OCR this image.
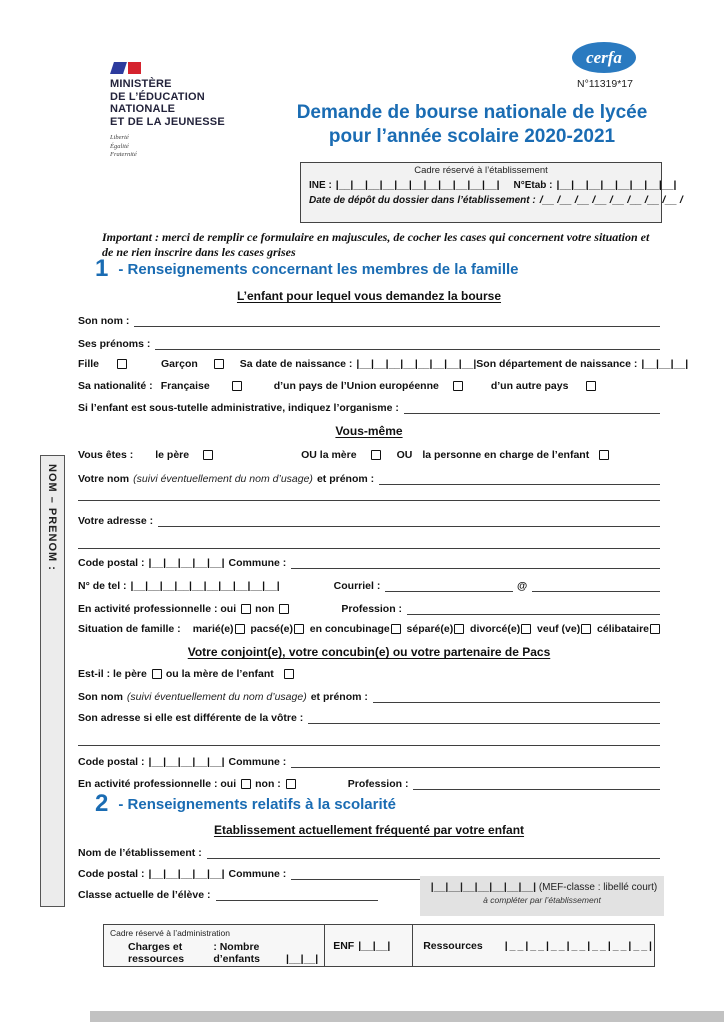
MINISTÈRE
DE L’ÉDUCATION
NATIONALE
ET DE LA JEUNESSE
Liberté
Égalité
Fraternité
cerfa
N°11319*17
Demande de bourse nationale de lycée
pour l’année scolaire 2020-2021
Cadre réservé à l’établissement
INE : |__|__|__|__|__|__|__|__|__|__|__| N°Etab : |__|__|__|__|__|__|__|__|
Date de dépôt du dossier dans l’établissement : /__ /__ /__ /__ /__ /__ /__ /__ /
Important : merci de remplir ce formulaire en majuscules, de cocher les cases qui concernent votre situation et
de ne rien inscrire dans les cases grises
1 - Renseignements concernant les membres de la famille
L’enfant pour lequel vous demandez la bourse
NOM – PRENOM :
Son nom :
Ses prénoms :
Fille	Garçon	Sa date de naissance : |__|__|__|__|__|__|__|__| Son département de naissance : |__|__|__|
Sa nationalité : Française	d’un pays de l’Union européenne	d’un autre pays
Si l’enfant est sous-tutelle administrative, indiquez l’organisme :
Vous-même
Vous êtes : le père	OU la mère	OU la personne en charge de l’enfant
Votre nom (suivi éventuellement du nom d’usage) et prénom :
Votre adresse :
Code postal : |__|__|__|__|__| Commune :
N° de tel : |__|__|__|__|__|__|__|__|__|__|	Courriel :	@
En activité professionnelle : oui non	Profession :
Situation de famille : marié(e) pacsé(e) en concubinage séparé(e) divorcé(e) veuf (ve) célibataire
Votre conjoint(e), votre concubin(e) ou votre partenaire de Pacs
Est-il : le père ou la mère de l’enfant
Son nom (suivi éventuellement du nom d’usage) et prénom :
Son adresse si elle est différente de la vôtre :
Code postal : |__|__|__|__|__| Commune :
En activité professionnelle : oui non :	Profession :
2 - Renseignements relatifs à la scolarité
Etablissement actuellement fréquenté par votre enfant
Nom de l’établissement :
Code postal : |__|__|__|__|__| Commune :
Classe actuelle de l’élève :
|__|__|__|__|__|__|__| (MEF-classe : libellé court)
à compléter par l’établissement
Cadre réservé à l’administration
Charges et ressources
: Nombre d’enfants	|__|__|
ENF |__|__|	Ressources |__|__|__|__|__|__|__|
